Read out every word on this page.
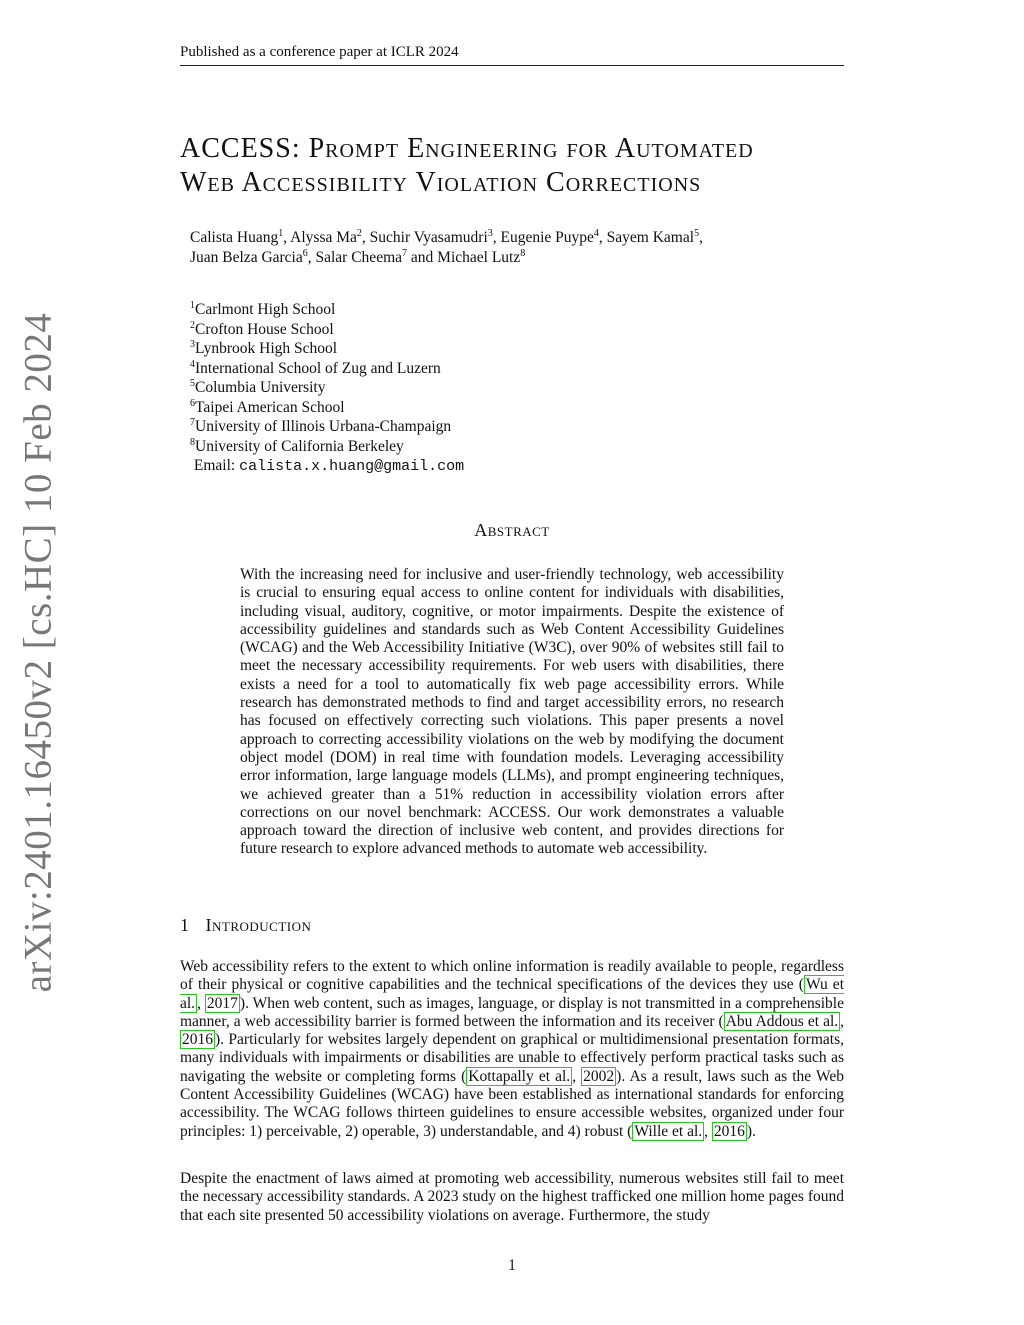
Published as a conference paper at ICLR 2024
arXiv:2401.16450v2 [cs.HC] 10 Feb 2024
ACCESS: Prompt Engineering for Automated
Web Accessibility Violation Corrections
Calista Huang$^1$, Alyssa Ma$^2$, Suchir Vyasamudri$^3$, Eugenie Puype$^4$, Sayem Kamal$^5$,
Juan Belza Garcia$^6$, Salar Cheema$^7$ and Michael Lutz$^8$
$^1$Carlmont High School
$^2$Crofton House School
$^3$Lynbrook High School
$^4$International School of Zug and Luzern
$^5$Columbia University
$^6$Taipei American School
$^7$University of Illinois Urbana-Champaign
$^8$University of California Berkeley
Email: calista.x.huang@gmail.com
Abstract
With the increasing need for inclusive and user-friendly technology, web accessibility is crucial to ensuring equal access to online content for individuals with disabilities, including visual, auditory, cognitive, or motor impairments. Despite the existence of accessibility guidelines and standards such as Web Content Accessibility Guidelines (WCAG) and the Web Accessibility Initiative (W3C), over 90% of websites still fail to meet the necessary accessibility requirements. For web users with disabilities, there exists a need for a tool to automatically fix web page accessibility errors. While research has demonstrated methods to find and target accessibility errors, no research has focused on effectively correcting such violations. This paper presents a novel approach to correcting accessibility violations on the web by modifying the document object model (DOM) in real time with foundation models. Leveraging accessibility error information, large language models (LLMs), and prompt engineering techniques, we achieved greater than a 51% reduction in accessibility violation errors after corrections on our novel benchmark: ACCESS. Our work demonstrates a valuable approach toward the direction of inclusive web content, and provides directions for future research to explore advanced methods to automate web accessibility.
1 Introduction
Web accessibility refers to the extent to which online information is readily available to people, regardless of their physical or cognitive capabilities and the technical specifications of the devices they use ( Wu et al. , 2017 ). When web content, such as images, language, or display is not transmitted in a comprehensible manner, a web accessibility barrier is formed between the information and its receiver ( Abu Addous et al. , 2016 ). Particularly for websites largely dependent on graphical or multidimensional presentation formats, many individuals with impairments or disabilities are unable to effectively perform practical tasks such as navigating the website or completing forms ( Kottapally et al. , 2002 ). As a result, laws such as the Web Content Accessibility Guidelines (WCAG) have been established as international standards for enforcing accessibility. The WCAG follows thirteen guidelines to ensure accessible websites, organized under four principles: 1) perceivable, 2) operable, 3) understandable, and 4) robust ( Wille et al. , 2016 ).
Despite the enactment of laws aimed at promoting web accessibility, numerous websites still fail to meet the necessary accessibility standards. A 2023 study on the highest trafficked one million home pages found that each site presented 50 accessibility violations on average. Furthermore, the study
1
